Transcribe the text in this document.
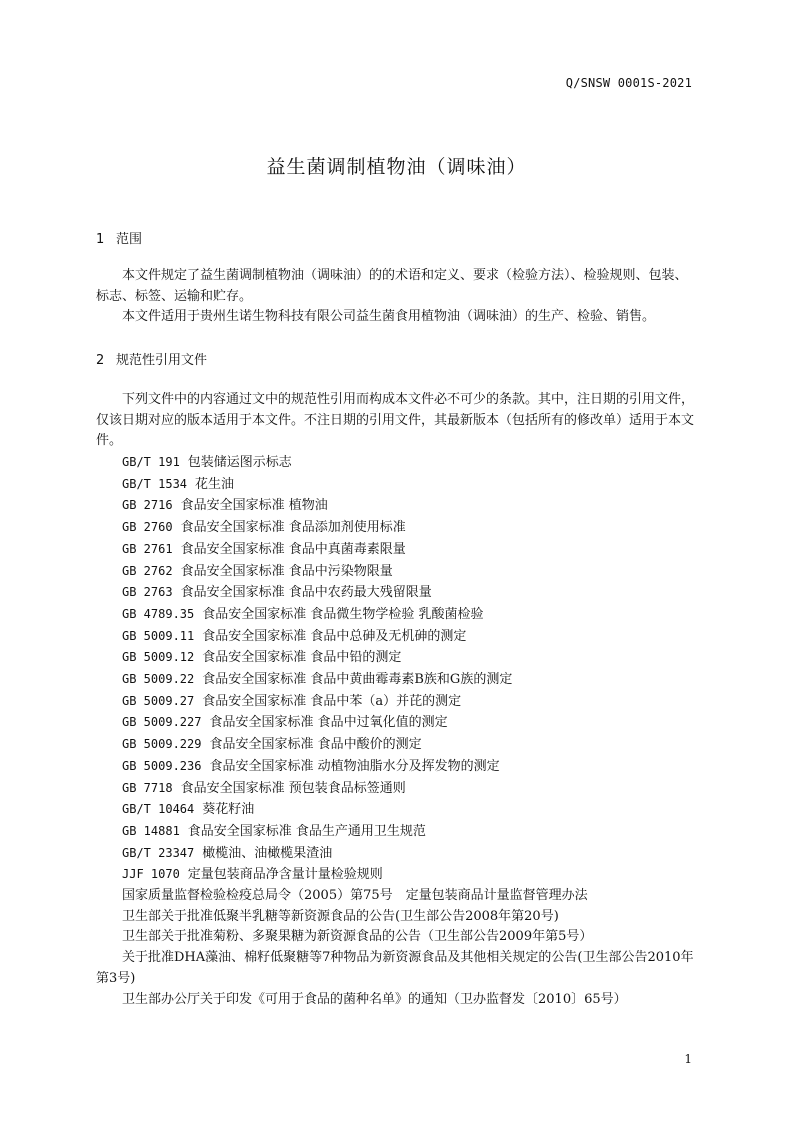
Q/SNSW 0001S-2021
益生菌调制植物油（调味油）
1 范围

本文件规定了益生菌调制植物油（调味油）的的术语和定义、要求（检验方法）、检验规则、包装、标志、标签、运输和贮存。

本文件适用于贵州生诺生物科技有限公司益生菌食用植物油（调味油）的生产、检验、销售。

2 规范性引用文件

下列文件中的内容通过文中的规范性引用而构成本文件必不可少的条款。其中，注日期的引用文件，仅该日期对应的版本适用于本文件。不注日期的引用文件，其最新版本（包括所有的修改单）适用于本文件。

GB/T 191 包装储运图示标志
GB/T 1534 花生油
GB 2716 食品安全国家标准 植物油
GB 2760 食品安全国家标准 食品添加剂使用标准
GB 2761 食品安全国家标准 食品中真菌毒素限量
GB 2762 食品安全国家标准 食品中污染物限量
GB 2763 食品安全国家标准 食品中农药最大残留限量
GB 4789.35 食品安全国家标准 食品微生物学检验 乳酸菌检验
GB 5009.11 食品安全国家标准 食品中总砷及无机砷的测定
GB 5009.12 食品安全国家标准 食品中铅的测定
GB 5009.22 食品安全国家标准 食品中黄曲霉毒素B族和G族的测定
GB 5009.27 食品安全国家标准 食品中苯（a）并芘的测定
GB 5009.227 食品安全国家标准 食品中过氧化值的测定
GB 5009.229 食品安全国家标准 食品中酸价的测定
GB 5009.236 食品安全国家标准 动植物油脂水分及挥发物的测定
GB 7718 食品安全国家标准 预包装食品标签通则
GB/T 10464 葵花籽油
GB 14881 食品安全国家标准 食品生产通用卫生规范
GB/T 23347 橄榄油、油橄榄果渣油
JJF 1070 定量包装商品净含量计量检验规则
国家质量监督检验检疫总局令（2005）第75号　定量包装商品计量监督管理办法
卫生部关于批准低聚半乳糖等新资源食品的公告(卫生部公告2008年第20号)
卫生部关于批准菊粉、多聚果糖为新资源食品的公告（卫生部公告2009年第5号）
关于批准DHA藻油、棉籽低聚糖等7种物品为新资源食品及其他相关规定的公告(卫生部公告2010年第3号)
卫生部办公厅关于印发《可用于食品的菌种名单》的通知（卫办监督发〔2010〕65号）
1
